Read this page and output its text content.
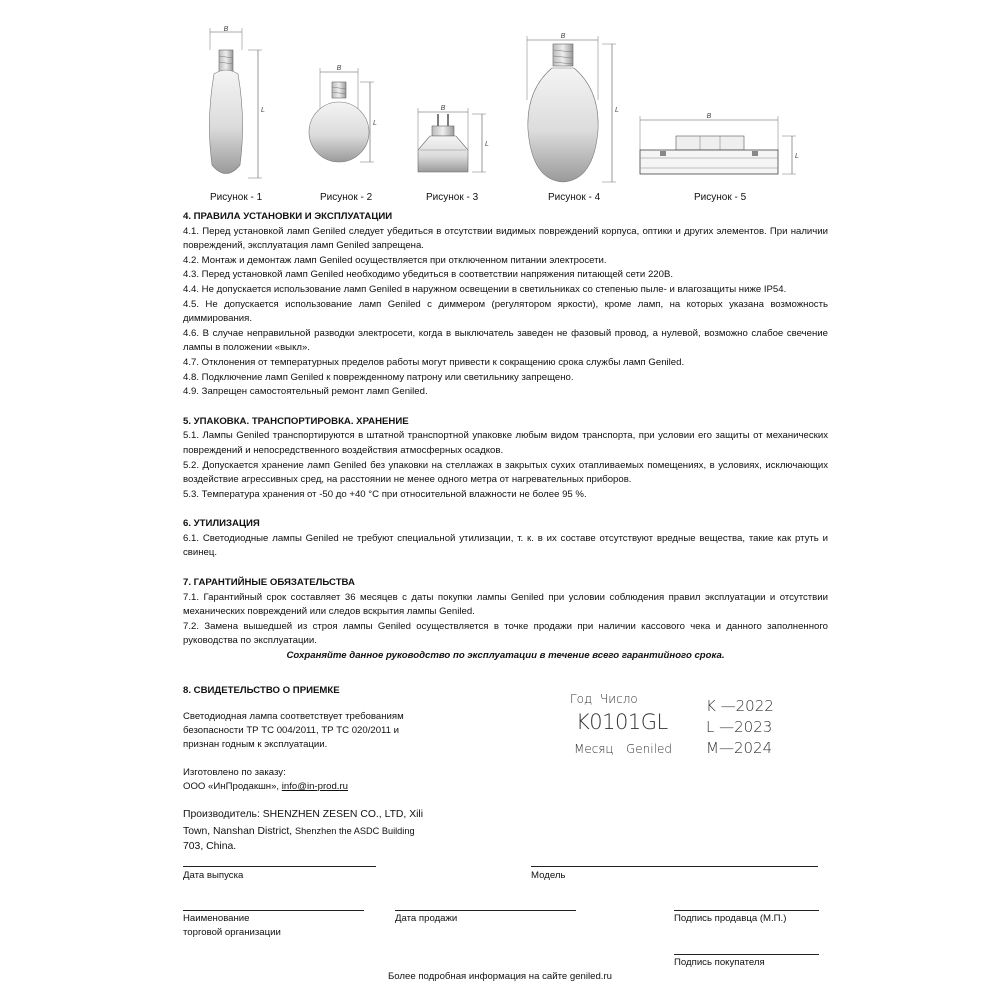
B
L
B
L
B
L
B
L
B
L
Рисунок - 1	Рисунок - 2	Рисунок - 3	Рисунок - 4	Рисунок - 5

4. ПРАВИЛА УСТАНОВКИ И ЭКСПЛУАТАЦИИ

4.1. Перед установкой ламп Geniled следует убедиться в отсутствии видимых повреждений корпуса, оптики и других элементов. При наличии повреждений, эксплуатация ламп Geniled запрещена.

4.2. Монтаж и демонтаж ламп Geniled осуществляется при отключенном питании электросети.

4.3. Перед установкой ламп Geniled необходимо убедиться в соответствии напряжения питающей сети 220В.

4.4. Не допускается использование ламп Geniled в наружном освещении в светильниках со степенью пыле- и влагозащиты ниже IP54.

4.5. Не допускается использование ламп Geniled с диммером (регулятором яркости), кроме ламп, на которых указана возможность диммирования.

4.6. В случае неправильной разводки электросети, когда в выключатель заведен не фазовый провод, а нулевой, возможно слабое свечение лампы в положении «выкл».

4.7. Отклонения от температурных пределов работы могут привести к сокращению срока службы ламп Geniled.

4.8. Подключение ламп Geniled к поврежденному патрону или светильнику запрещено.

4.9. Запрещен самостоятельный ремонт ламп Geniled.

5. УПАКОВКА. ТРАНСПОРТИРОВКА. ХРАНЕНИЕ

5.1. Лампы Geniled транспортируются в штатной транспортной упаковке любым видом транспорта, при условии его защиты от механических повреждений и непосредственного воздействия атмосферных осадков.

5.2. Допускается хранение ламп Geniled без упаковки на стеллажах в закрытых сухих отапливаемых помещениях, в условиях, исключающих воздействие агрессивных сред, на расстоянии не менее одного метра от нагревательных приборов.

5.3. Температура хранения от -50 до +40 °С при относительной влажности не более 95 %.

6. УТИЛИЗАЦИЯ

6.1. Светодиодные лампы Geniled не требуют специальной утилизации, т. к. в их составе отсутствуют вредные вещества, такие как ртуть и свинец.

7. ГАРАНТИЙНЫЕ ОБЯЗАТЕЛЬСТВА

7.1. Гарантийный срок составляет 36 месяцев с даты покупки лампы Geniled при условии соблюдения правил эксплуатации и отсутствии механических повреждений или следов вскрытия лампы Geniled.

7.2. Замена вышедшей из строя лампы Geniled осуществляется в точке продажи при наличии кассового чека и данного заполненного руководства по эксплуатации.

Сохраняйте данное руководство по эксплуатации в течение всего гарантийного срока.

8. СВИДЕТЕЛЬСТВО О ПРИЕМКЕ
Светодиодная лампа соответствует требованиям
безопасности ТР ТС 004/2011, ТР ТС 020/2011 и
признан годным к эксплуатации.
Изготовлено по заказу:
ООО «ИнПродакшн», info@in-prod.ru
Производитель: SHENZHEN ZESEN CO., LTD, Xili
Town, Nanshan District, Shenzhen the ASDC Building
703, China.
Год Число
K0101GL
Месяц Geniled
K —2022
L —2023
M—2024
Дата выпуска	Модель
Наименование
торговой организации
Дата продажи	Подпись продавца (М.П.)
Подпись покупателя
Более подробная информация на сайте geniled.ru
